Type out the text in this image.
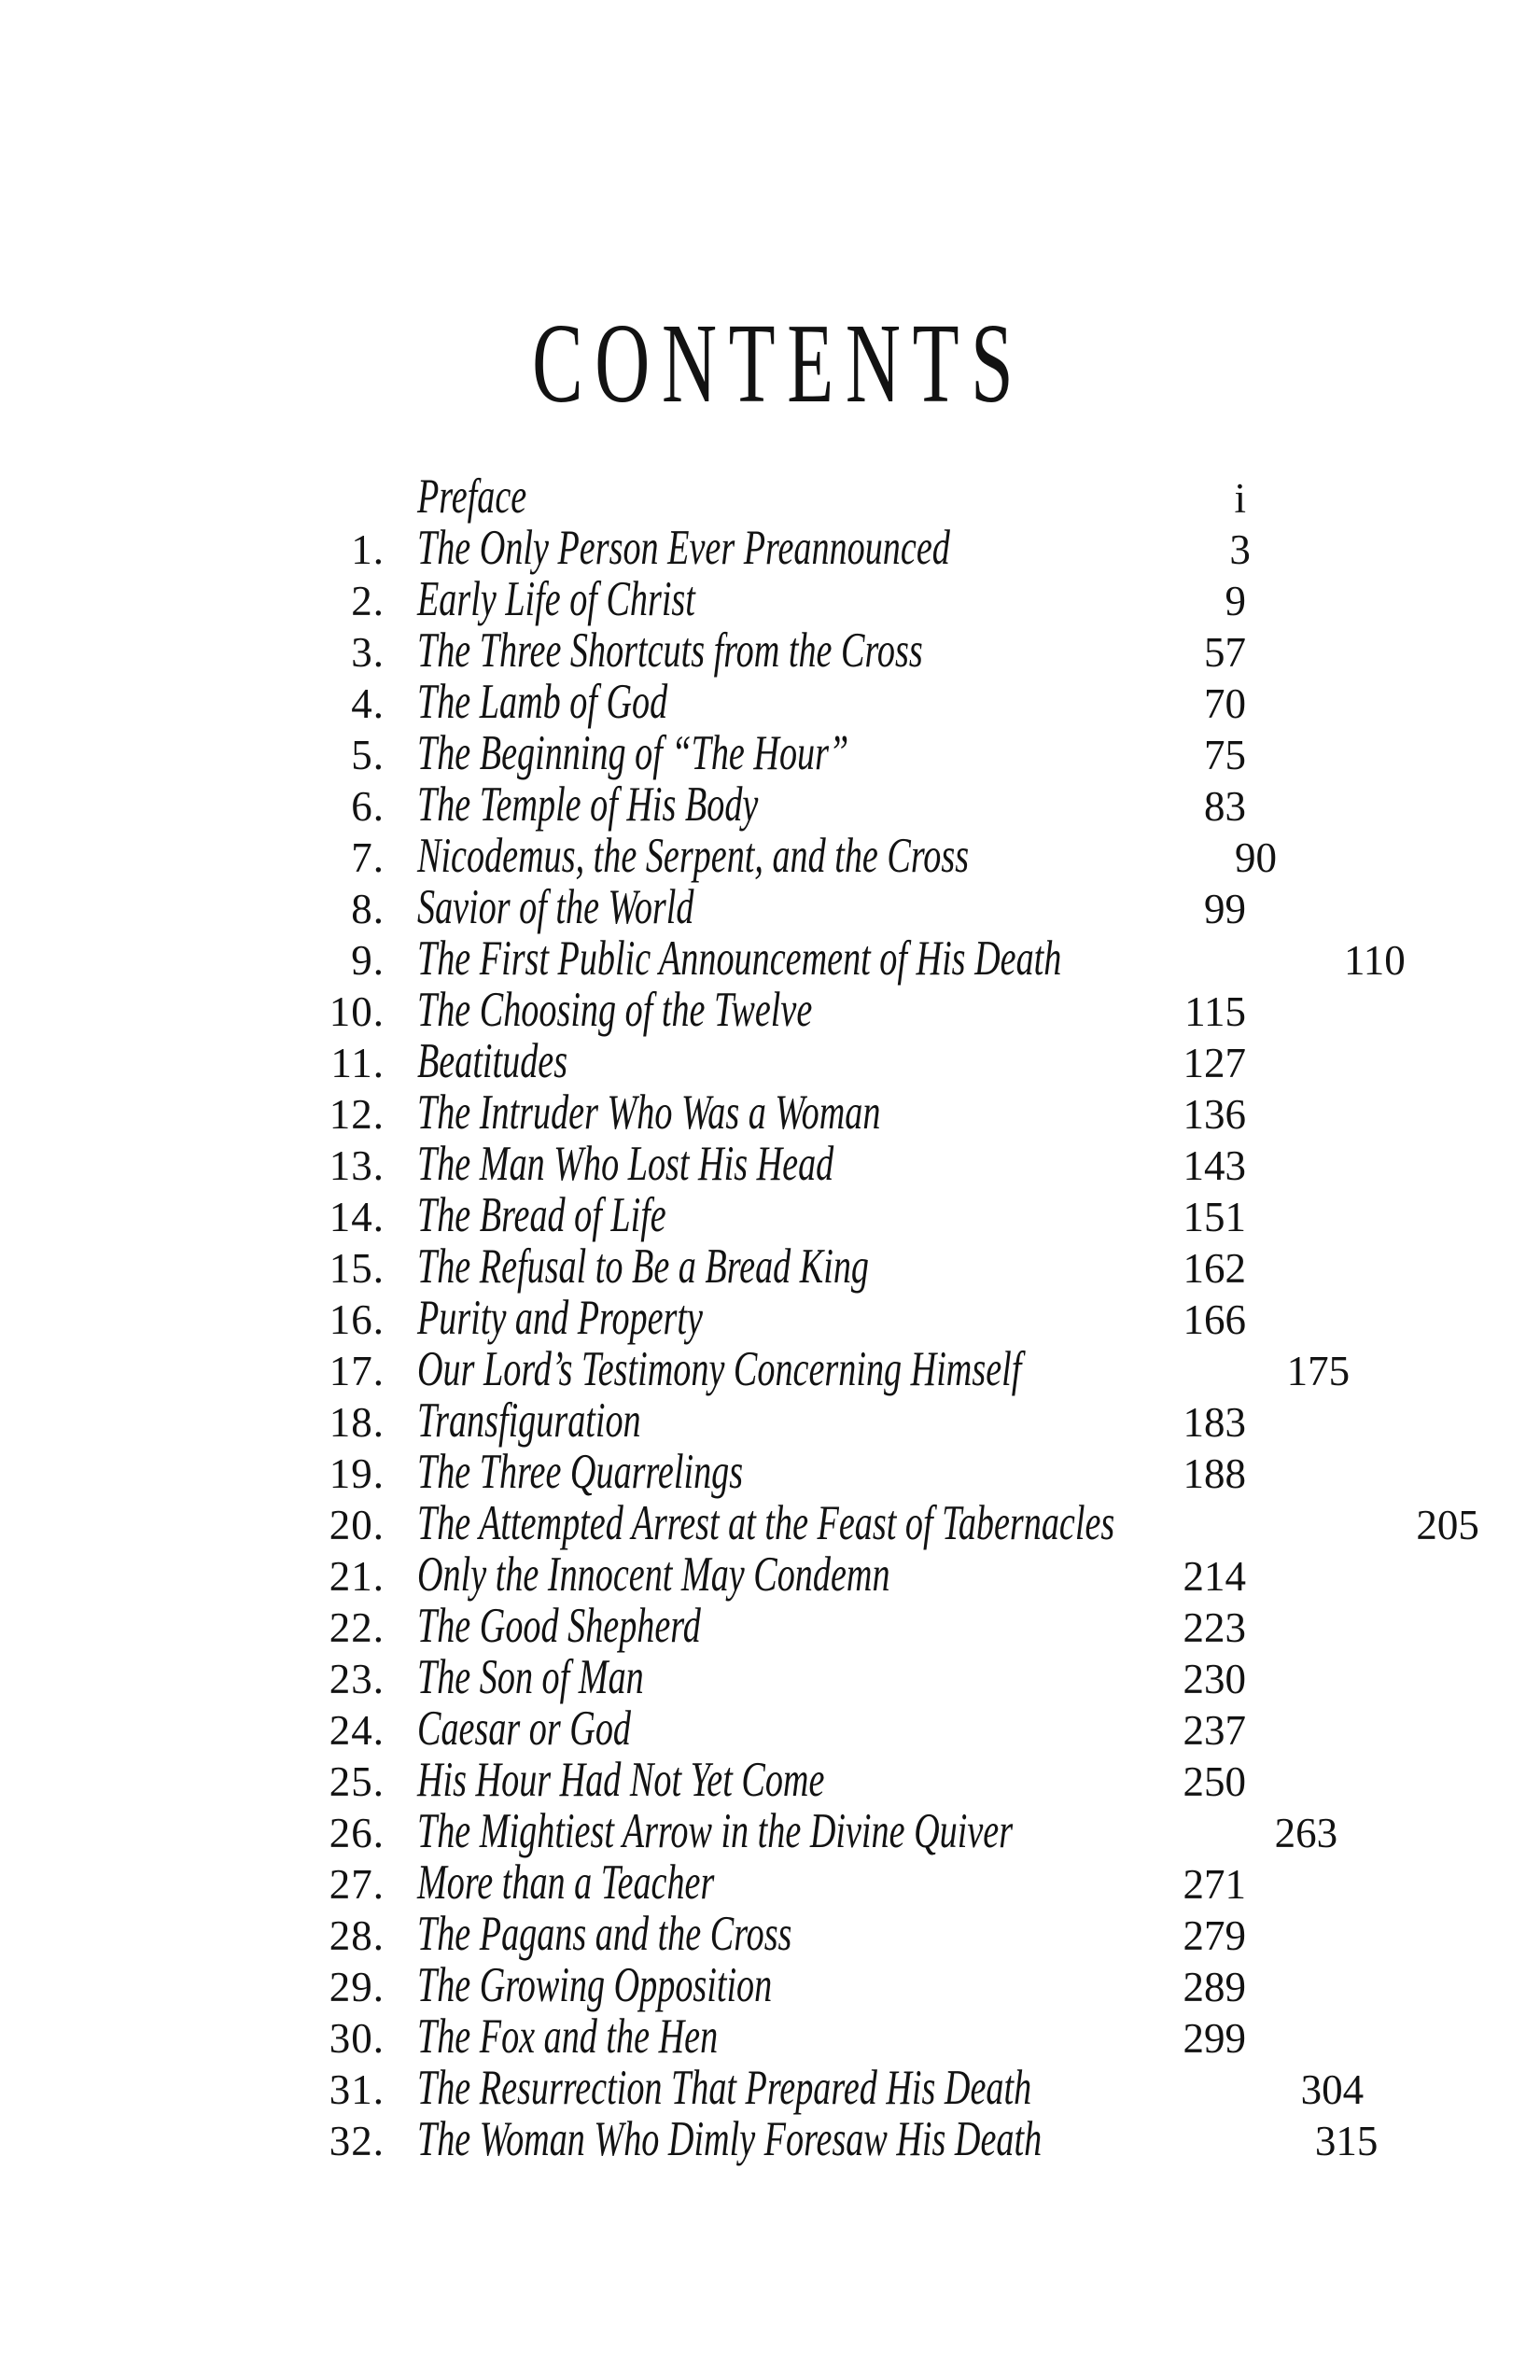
CONTENTS
Preface	i
1. The Only Person Ever Preannounced	3
2. Early Life of Christ	9
3. The Three Shortcuts from the Cross	57
4. The Lamb of God	70
5. The Beginning of “The Hour”	75
6. The Temple of His Body	83
7. Nicodemus, the Serpent, and the Cross	90
8. Savior of the World	99
9. The First Public Announcement of His Death	110
10. The Choosing of the Twelve	115
11. Beatitudes	127
12. The Intruder Who Was a Woman	136
13. The Man Who Lost His Head	143
14. The Bread of Life	151
15. The Refusal to Be a Bread King	162
16. Purity and Property	166
17. Our Lord’s Testimony Concerning Himself	175
18. Transfiguration	183
19. The Three Quarrelings	188
20. The Attempted Arrest at the Feast of Tabernacles	205
21. Only the Innocent May Condemn	214
22. The Good Shepherd	223
23. The Son of Man	230
24. Caesar or God	237
25. His Hour Had Not Yet Come	250
26. The Mightiest Arrow in the Divine Quiver	263
27. More than a Teacher	271
28. The Pagans and the Cross	279
29. The Growing Opposition	289
30. The Fox and the Hen	299
31. The Resurrection That Prepared His Death	304
32. The Woman Who Dimly Foresaw His Death	315
